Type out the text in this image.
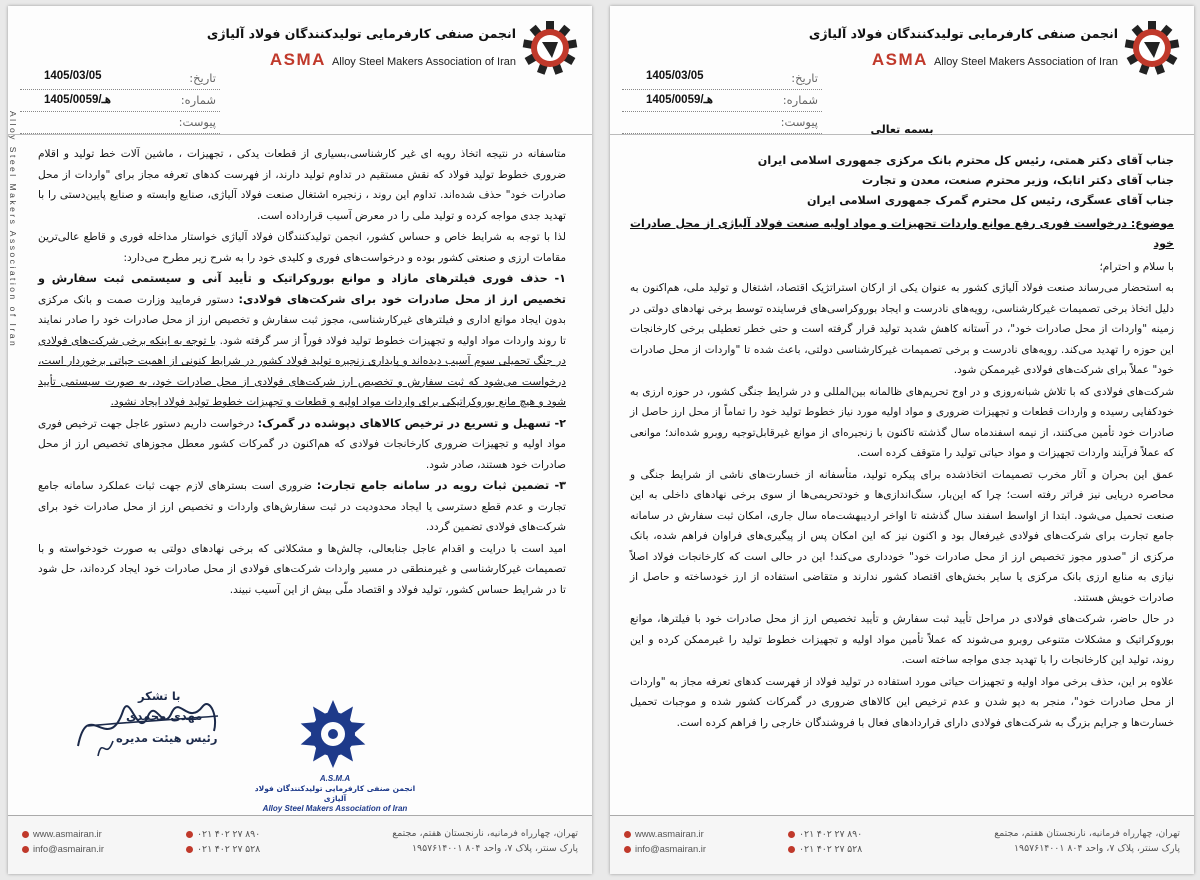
انجمن صنفی کارفرمایی تولیدکنندگان فولاد آلیاژی
ASMA Alloy Steel Makers Association of Iran
تاریخ:
1405/03/05
شماره:
1405/0059/هـ
پیوست:
Alloy Steel Makers Association of Iran متاسفانه در نتیجه اتخاذ رویه ای غیر کارشناسی،بسیاری از قطعات یدکی ، تجهیزات ، ماشین آلات خط تولید و اقلام ضروری خطوط تولید فولاد که نقش مستقیم در تداوم تولید دارند، از فهرست کدهای تعرفه مجاز برای "واردات از محل صادرات خود" حذف شده‌اند. تداوم این روند ، زنجیره اشتغال صنعت فولاد آلیاژی، صنایع وابسته و صنایع پایین‌دستی را با تهدید جدی مواجه کرده و تولید ملی را در معرض آسیب قرارداده است.

لذا با توجه به شرایط خاص و حساس کشور، انجمن تولیدکنندگان فولاد آلیاژی خواستار مداخله فوری و قاطع عالی‌ترین مقامات ارزی و صنعتی کشور بوده و درخواست‌های فوری و کلیدی خود را به شرح زیر مطرح می‌دارد:

۱- حذف فوری فیلترهای مازاد و موانع بوروکراتیک و تأیید آنی و سیستمی ثبت سفارش و تخصیص ارز از محل صادرات خود برای شرکت‌های فولادی: دستور فرمایید وزارت صمت و بانک مرکزی بدون ایجاد موانع اداری و فیلترهای غیرکارشناسی، مجوز ثبت سفارش و تخصیص ارز از محل صادرات خود را صادر نمایند تا روند واردات مواد اولیه و تجهیزات خطوط تولید فولاد فوراً از سر گرفته شود. با توجه به اینکه برخی شرکت‌های فولادی در جنگ تحمیلی سوم آسیب دیده‌اند و پایداری زنجیره تولید فولاد کشور در شرایط کنونی از اهمیت حیاتی برخوردار است، درخواست می‌شود که ثبت سفارش و تخصیص ارز شرکت‌های فولادی از محل صادرات خود، به صورت سیستمی تأیید شود و هیچ مانع بوروکراتیکی برای واردات مواد اولیه و قطعات و تجهیزات خطوط تولید فولاد ایجاد نشود.

۲- تسهیل و تسریع در ترخیص کالاهای دپوشده در گمرک: درخواست داریم دستور عاجل جهت ترخیص فوری مواد اولیه و تجهیزات ضروری کارخانجات فولادی که هم‌اکنون در گمرکات کشور معطل مجوزهای تخصیص ارز از محل صادرات خود هستند، صادر شود.

۳- تضمین ثبات رویه در سامانه جامع تجارت: ضروری است بسترهای لازم جهت ثبات عملکرد سامانه جامع تجارت و عدم قطع دسترسی یا ایجاد محدودیت در ثبت سفارش‌های واردات و تخصیص ارز از محل صادرات خود برای شرکت‌های فولادی تضمین گردد.

امید است با درایت و اقدام عاجل جنابعالی، چالش‌ها و مشکلاتی که برخی نهادهای دولتی به صورت خودخواسته و با تصمیمات غیرکارشناسی و غیرمنطقی در مسیر واردات شرکت‌های فولادی از محل صادرات خود ایجاد کرده‌اند، حل شود تا در شرایط حساس کشور، تولید فولاد و اقتصاد ملّی بیش از این آسیب نبیند.

با تشکر
مهدی محمدی
رئیس هیئت مدیره
A.S.M.A
انجمن صنفی کارفرمایی تولیدکنندگان فولاد آلیاژی
Alloy Steel Makers Association of Iran
تهران، چهارراه فرمانیه، نارنجستان هفتم، مجتمع
پارک سنتر، پلاک ۷، واحد ۸۰۴ ۱۹۵۷۶۱۴۰۰۱
۰۲۱ ۴۰۲ ۲۷ ۸۹۰
۰۲۱ ۴۰۲ ۲۷ ۵۲۸
www.asmairan.ir
info@asmairan.ir
انجمن صنفی کارفرمایی تولیدکنندگان فولاد آلیاژی
ASMA Alloy Steel Makers Association of Iran
تاریخ:
1405/03/05
شماره:
1405/0059/هـ
پیوست:

بسمه تعالی

جناب آقای دکتر همتی، رئیس کل محترم بانک مرکزی جمهوری اسلامی ایران

جناب آقای دکتر اتابک، وزیر محترم صنعت، معدن و تجارت

جناب آقای عسگری، رئیس کل محترم گمرک جمهوری اسلامی ایران

موضوع: درخواست فوری رفع موانع واردات تجهیزات و مواد اولیه صنعت فولاد آلیاژی از محل صادرات خود

با سلام و احترام؛

به استحضار می‌رساند صنعت فولاد آلیاژی کشور به عنوان یکی از ارکان استراتژیک اقتصاد، اشتغال و تولید ملی، هم‌اکنون به دلیل اتخاذ برخی تصمیمات غیرکارشناسی، رویه‌های نادرست و ایجاد بوروکراسی‌های فرساینده توسط برخی نهادهای دولتی در زمینه "واردات از محل صادرات خود"، در آستانه کاهش شدید تولید قرار گرفته است و حتی خطر تعطیلی برخی کارخانجات این حوزه را تهدید می‌کند. رویه‌های نادرست و برخی تصمیمات غیرکارشناسی دولتی، باعث شده تا "واردات از محل صادرات خود" عملاً برای شرکت‌های فولادی غیرممکن شود.

شرکت‌های فولادی که با تلاش شبانه‌روزی و در اوج تحریم‌های ظالمانه بین‌المللی و در شرایط جنگی کشور، در حوزه ارزی به خودکفایی رسیده و واردات قطعات و تجهیزات ضروری و مواد اولیه مورد نیاز خطوط تولید خود را تماماً از محل ارز حاصل از صادرات خود تأمین می‌کنند، از نیمه اسفندماه سال گذشته تاکنون با زنجیره‌ای از موانع غیرقابل‌توجیه روبرو شده‌اند؛ موانعی که عملاً فرآیند واردات تجهیزات و مواد حیاتی تولید را متوقف کرده است.

عمق این بحران و آثار مخرب تصمیمات اتخاذشده برای پیکره تولید، متأسفانه از خسارت‌های ناشی از شرایط جنگی و محاصره دریایی نیز فراتر رفته است؛ چرا که این‌بار، سنگ‌اندازی‌ها و خودتحریمی‌ها از سوی برخی نهادهای داخلی به این صنعت تحمیل می‌شود. ابتدا از اواسط اسفند سال گذشته تا اواخر اردیبهشت‌ماه سال جاری، امکان ثبت سفارش در سامانه جامع تجارت برای شرکت‌های فولادی غیرفعال بود و اکنون نیز که این امکان پس از پیگیری‌های فراوان فراهم شده، بانک مرکزی از "صدور مجوز تخصیص ارز از محل صادرات خود" خودداری می‌کند! این در حالی است که کارخانجات فولاد اصلاً نیازی به منابع ارزی بانک مرکزی یا سایر بخش‌های اقتصاد کشور ندارند و متقاضی استفاده از ارز خودساخته و حاصل از صادرات خویش هستند.

در حال حاضر، شرکت‌های فولادی در مراحل تأیید ثبت سفارش و تأیید تخصیص ارز از محل صادرات خود با فیلترها، موانع بوروکراتیک و مشکلات متنوعی روبرو می‌شوند که عملاً تأمین مواد اولیه و تجهیزات خطوط تولید را غیرممکن کرده و این روند، تولید این کارخانجات را با تهدید جدی مواجه ساخته است.

علاوه بر این، حذف برخی مواد اولیه و تجهیزات حیاتی مورد استفاده در تولید فولاد از فهرست کدهای تعرفه مجاز به "واردات از محل صادرات خود"، منجر به دپو شدن و عدم ترخیص این کالاهای ضروری در گمرکات کشور شده و موجبات تحمیل خسارت‌ها و جرایم بزرگ به شرکت‌های فولادی دارای قراردادهای فعال با فروشندگان خارجی را فراهم کرده است.

تهران، چهارراه فرمانیه، نارنجستان هفتم، مجتمع
پارک سنتر، پلاک ۷، واحد ۸۰۴ ۱۹۵۷۶۱۴۰۰۱
۰۲۱ ۴۰۲ ۲۷ ۸۹۰
۰۲۱ ۴۰۲ ۲۷ ۵۲۸
www.asmairan.ir
info@asmairan.ir
